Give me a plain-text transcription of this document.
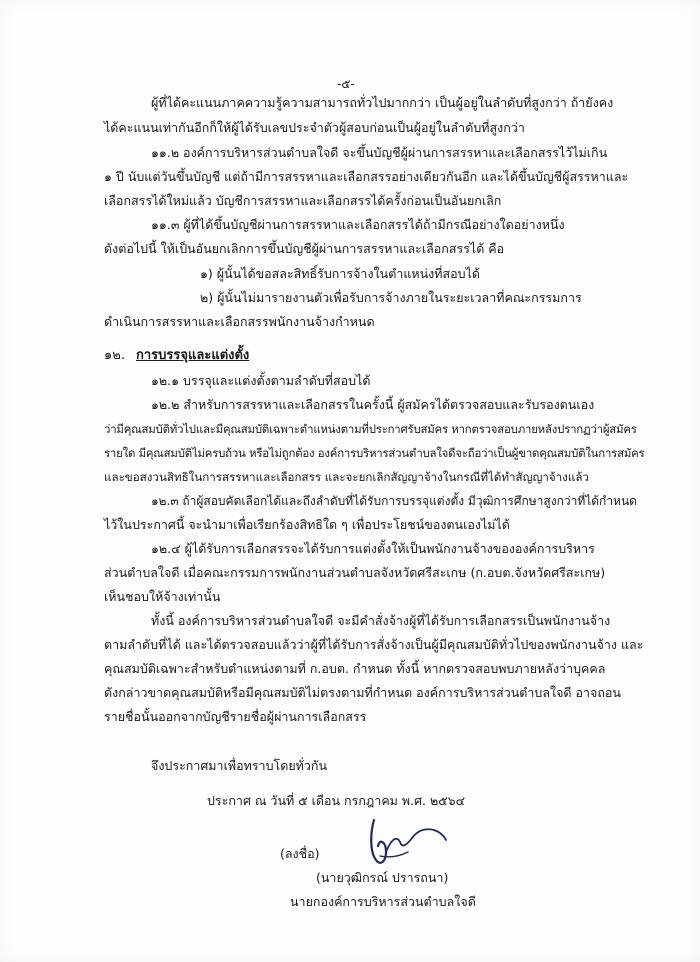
-๕-
ผู้ที่ได้คะแนนภาคความรู้ความสามารถทั่วไปมากกว่า เป็นผู้อยู่ในลำดับที่สูงกว่า ถ้ายังคง
ได้คะแนนเท่ากันอีกก็ให้ผู้ได้รับเลขประจำตัวผู้สอบก่อนเป็นผู้อยู่ในลำดับที่สูงกว่า
๑๑.๒ องค์การบริหารส่วนตำบลใจดี จะขึ้นบัญชีผู้ผ่านการสรรหาและเลือกสรรไว้ไม่เกิน
๑ ปี นับแต่วันขึ้นบัญชี แต่ถ้ามีการสรรหาและเลือกสรรอย่างเดียวกันอีก และได้ขึ้นบัญชีผู้สรรหาและ
เลือกสรรได้ใหม่แล้ว บัญชีการสรรหาและเลือกสรรได้ครั้งก่อนเป็นอันยกเลิก
๑๑.๓ ผู้ที่ได้ขึ้นบัญชีผ่านการสรรหาและเลือกสรรได้ถ้ามีกรณีอย่างใดอย่างหนึ่ง
ดังต่อไปนี้ ให้เป็นอันยกเลิกการขึ้นบัญชีผู้ผ่านการสรรหาและเลือกสรรได้ คือ
๑) ผู้นั้นได้ขอสละสิทธิ์รับการจ้างในตำแหน่งที่สอบได้
๒) ผู้นั้นไม่มารายงานตัวเพื่อรับการจ้างภายในระยะเวลาที่คณะกรรมการ
ดำเนินการสรรหาและเลือกสรรพนักงานจ้างกำหนด
๑๒. การบรรจุและแต่งตั้ง
๑๒.๑ บรรจุและแต่งตั้งตามลำดับที่สอบได้
๑๒.๒ สำหรับการสรรหาและเลือกสรรในครั้งนี้ ผู้สมัครได้ตรวจสอบและรับรองตนเอง
ว่ามีคุณสมบัติทั่วไปและมีคุณสมบัติเฉพาะตำแหน่งตามที่ประกาศรับสมัคร หากตรวจสอบภายหลังปรากฏว่าผู้สมัคร
รายใด มีคุณสมบัติไม่ครบถ้วน หรือไม่ถูกต้อง องค์การบริหารส่วนตำบลใจดีจะถือว่าเป็นผู้ขาดคุณสมบัติในการสมัคร
และขอสงวนสิทธิในการสรรหาและเลือกสรร และจะยกเลิกสัญญาจ้างในกรณีที่ได้ทำสัญญาจ้างแล้ว
๑๒.๓ ถ้าผู้สอบคัดเลือกได้และถึงลำดับที่ได้รับการบรรจุแต่งตั้ง มีวุฒิการศึกษาสูงกว่าที่ได้กำหนด
ไว้ในประกาศนี้ จะนำมาเพื่อเรียกร้องสิทธิใด ๆ เพื่อประโยชน์ของตนเองไม่ได้
๑๒.๔ ผู้ได้รับการเลือกสรรจะได้รับการแต่งตั้งให้เป็นพนักงานจ้างขององค์การบริหาร
ส่วนตำบลใจดี เมื่อคณะกรรมการพนักงานส่วนตำบลจังหวัดศรีสะเกษ (ก.อบต.จังหวัดศรีสะเกษ)
เห็นชอบให้จ้างเท่านั้น
ทั้งนี้ องค์การบริหารส่วนตำบลใจดี จะมีคำสั่งจ้างผู้ที่ได้รับการเลือกสรรเป็นพนักงานจ้าง
ตามลำดับที่ได้ และได้ตรวจสอบแล้วว่าผู้ที่ได้รับการสั่งจ้างเป็นผู้มีคุณสมบัติทั่วไปของพนักงานจ้าง และ
คุณสมบัติเฉพาะสำหรับตำแหน่งตามที่ ก.อบต. กำหนด ทั้งนี้ หากตรวจสอบพบภายหลังว่าบุคคล
ดังกล่าวขาดคุณสมบัติหรือมีคุณสมบัติไม่ตรงตามที่กำหนด องค์การบริหารส่วนตำบลใจดี อาจถอน
รายชื่อนั้นออกจากบัญชีรายชื่อผู้ผ่านการเลือกสรร
จึงประกาศมาเพื่อทราบโดยทั่วกัน
ประกาศ ณ วันที่ ๕ เดือน กรกฎาคม พ.ศ. ๒๕๖๔
(ลงชื่อ)
(นายวุฒิกรณ์ ปรารถนา)
นายกองค์การบริหารส่วนตำบลใจดี
